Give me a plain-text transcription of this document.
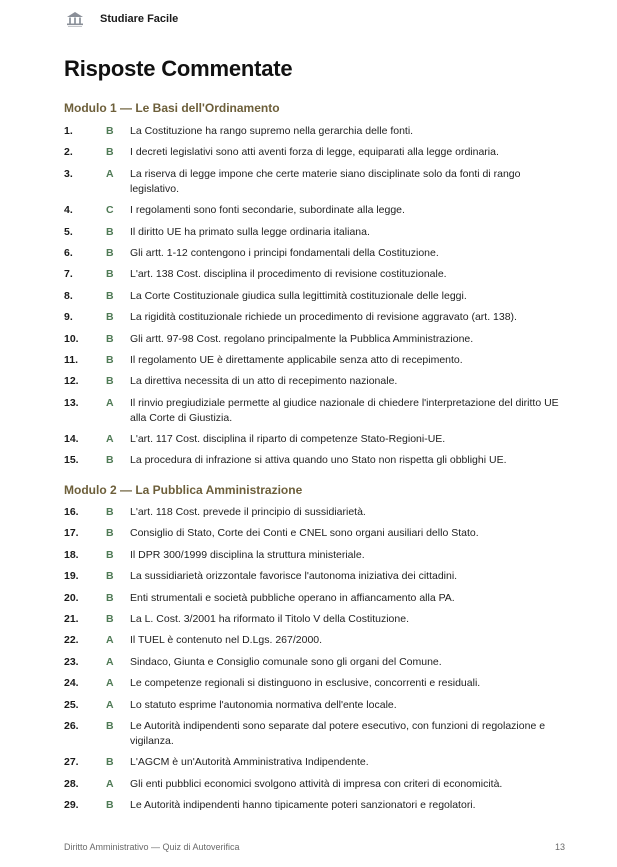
Studiare Facile
Risposte Commentate
Modulo 1 — Le Basi dell'Ordinamento
1.	B	La Costituzione ha rango supremo nella gerarchia delle fonti.
2.	B	I decreti legislativi sono atti aventi forza di legge, equiparati alla legge ordinaria.
3.	A	La riserva di legge impone che certe materie siano disciplinate solo da fonti di rango legislativo.
4.	C	I regolamenti sono fonti secondarie, subordinate alla legge.
5.	B	Il diritto UE ha primato sulla legge ordinaria italiana.
6.	B	Gli artt. 1-12 contengono i principi fondamentali della Costituzione.
7.	B	L'art. 138 Cost. disciplina il procedimento di revisione costituzionale.
8.	B	La Corte Costituzionale giudica sulla legittimità costituzionale delle leggi.
9.	B	La rigidità costituzionale richiede un procedimento di revisione aggravato (art. 138).
10.	B	Gli artt. 97-98 Cost. regolano principalmente la Pubblica Amministrazione.
11.	B	Il regolamento UE è direttamente applicabile senza atto di recepimento.
12.	B	La direttiva necessita di un atto di recepimento nazionale.
13.	A	Il rinvio pregiudiziale permette al giudice nazionale di chiedere l'interpretazione del diritto UE alla Corte di Giustizia.
14.	A	L'art. 117 Cost. disciplina il riparto di competenze Stato-Regioni-UE.
15.	B	La procedura di infrazione si attiva quando uno Stato non rispetta gli obblighi UE.
Modulo 2 — La Pubblica Amministrazione
16.	B	L'art. 118 Cost. prevede il principio di sussidiarietà.
17.	B	Consiglio di Stato, Corte dei Conti e CNEL sono organi ausiliari dello Stato.
18.	B	Il DPR 300/1999 disciplina la struttura ministeriale.
19.	B	La sussidiarietà orizzontale favorisce l'autonoma iniziativa dei cittadini.
20.	B	Enti strumentali e società pubbliche operano in affiancamento alla PA.
21.	B	La L. Cost. 3/2001 ha riformato il Titolo V della Costituzione.
22.	A	Il TUEL è contenuto nel D.Lgs. 267/2000.
23.	A	Sindaco, Giunta e Consiglio comunale sono gli organi del Comune.
24.	A	Le competenze regionali si distinguono in esclusive, concorrenti e residuali.
25.	A	Lo statuto esprime l'autonomia normativa dell'ente locale.
26.	B	Le Autorità indipendenti sono separate dal potere esecutivo, con funzioni di regolazione e vigilanza.
27.	B	L'AGCM è un'Autorità Amministrativa Indipendente.
28.	A	Gli enti pubblici economici svolgono attività di impresa con criteri di economicità.
29.	B	Le Autorità indipendenti hanno tipicamente poteri sanzionatori e regolatori.
Diritto Amministrativo — Quiz di Autoverifica	13
